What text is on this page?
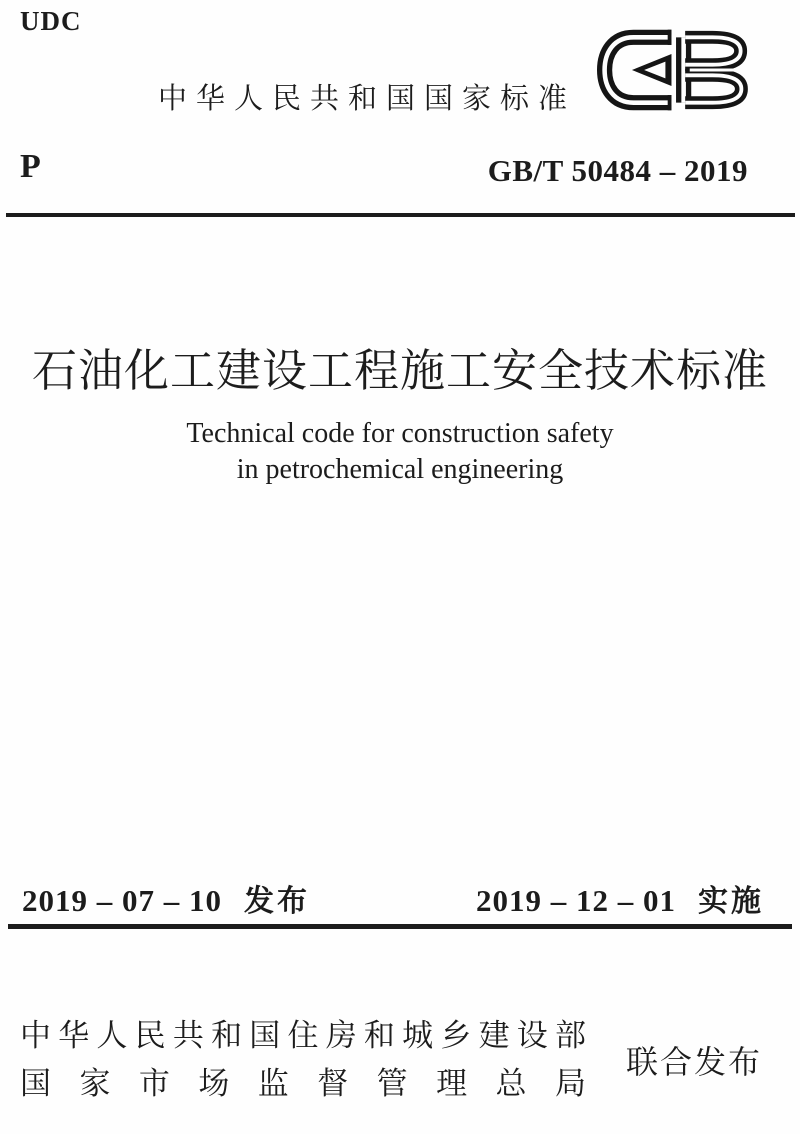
UDC
中华人民共和国国家标准
P	GB/T 50484 – 2019
石油化工建设工程施工安全技术标准
Technical code for construction safety
in petrochemical engineering
2019 – 07 – 10 发布	2019 – 12 – 01 实施
中华人民共和国住房和城乡建设部
国家市场监督管理总局
联合发布
